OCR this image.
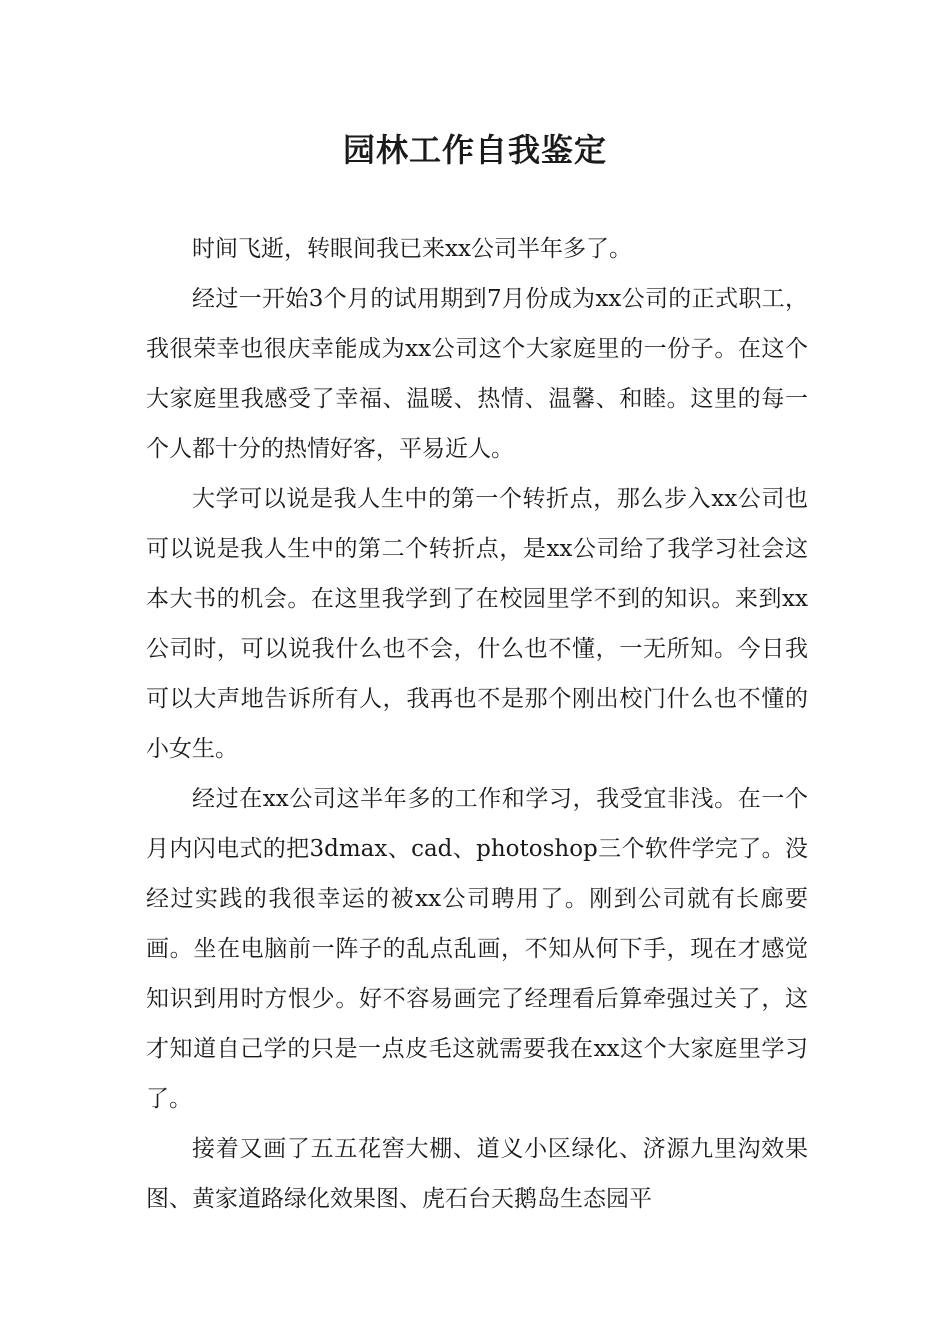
园林工作自我鉴定

时间飞逝，转眼间我已来xx公司半年多了。

经过一开始3个月的试用期到7月份成为xx公司的正式职工，我很荣幸也很庆幸能成为xx公司这个大家庭里的一份子。在这个大家庭里我感受了幸福、温暖、热情、温馨、和睦。这里的每一个人都十分的热情好客，平易近人。

大学可以说是我人生中的第一个转折点，那么步入xx公司也可以说是我人生中的第二个转折点，是xx公司给了我学习社会这本大书的机会。在这里我学到了在校园里学不到的知识。来到xx公司时，可以说我什么也不会，什么也不懂，一无所知。今日我可以大声地告诉所有人，我再也不是那个刚出校门什么也不懂的小女生。

经过在xx公司这半年多的工作和学习，我受宜非浅。在一个月内闪电式的把3dmax、cad、photoshop三个软件学完了。没经过实践的我很幸运的被xx公司聘用了。刚到公司就有长廊要画。坐在电脑前一阵子的乱点乱画，不知从何下手，现在才感觉知识到用时方恨少。好不容易画完了经理看后算牵强过关了，这才知道自己学的只是一点皮毛这就需要我在xx这个大家庭里学习了。

接着又画了五五花窖大棚、道义小区绿化、济源九里沟效果图、黄家道路绿化效果图、虎石台天鹅岛生态园平
